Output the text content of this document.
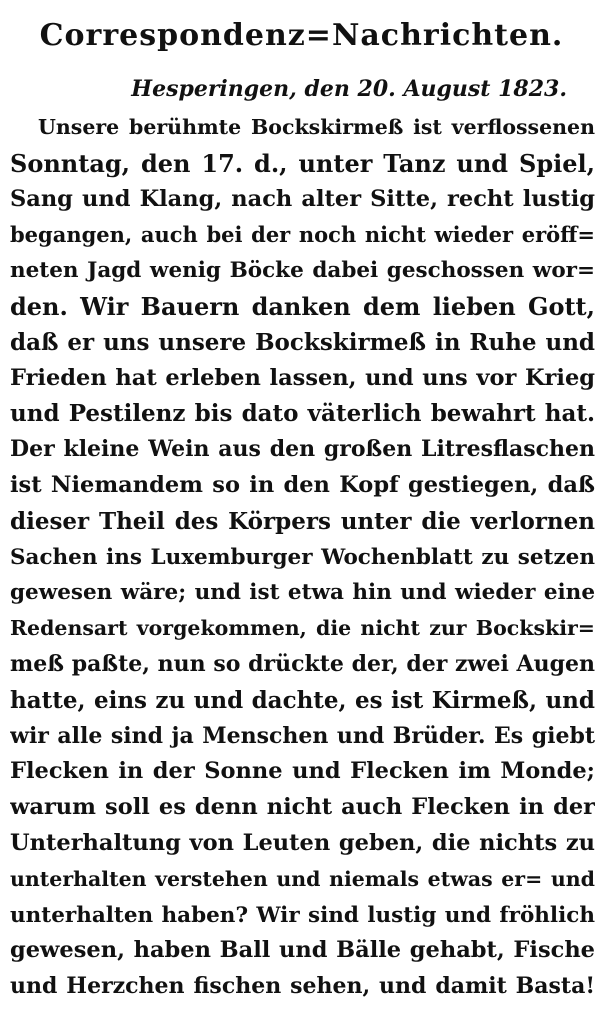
Correspondenz=Nachrichten.
Hesperingen, den 20. August 1823.
Unsere berühmte Bockskirmeß ist verflossenen
Sonntag, den 17. d., unter Tanz und Spiel,
Sang und Klang, nach alter Sitte, recht lustig
begangen, auch bei der noch nicht wieder eröff=
neten Jagd wenig Böcke dabei geschossen wor=
den. Wir Bauern danken dem lieben Gott,
daß er uns unsere Bockskirmeß in Ruhe und
Frieden hat erleben lassen, und uns vor Krieg
und Pestilenz bis dato väterlich bewahrt hat.
Der kleine Wein aus den großen Litresflaschen
ist Niemandem so in den Kopf gestiegen, daß
dieser Theil des Körpers unter die verlornen
Sachen ins Luxemburger Wochenblatt zu setzen
gewesen wäre; und ist etwa hin und wieder eine
Redensart vorgekommen, die nicht zur Bockskir=
meß paßte, nun so drückte der, der zwei Augen
hatte, eins zu und dachte, es ist Kirmeß, und
wir alle sind ja Menschen und Brüder. Es giebt
Flecken in der Sonne und Flecken im Monde;
warum soll es denn nicht auch Flecken in der
Unterhaltung von Leuten geben, die nichts zu
unterhalten verstehen und niemals etwas er= und
unterhalten haben? Wir sind lustig und fröhlich
gewesen, haben Ball und Bälle gehabt, Fische
und Herzchen fischen sehen, und damit Basta!
